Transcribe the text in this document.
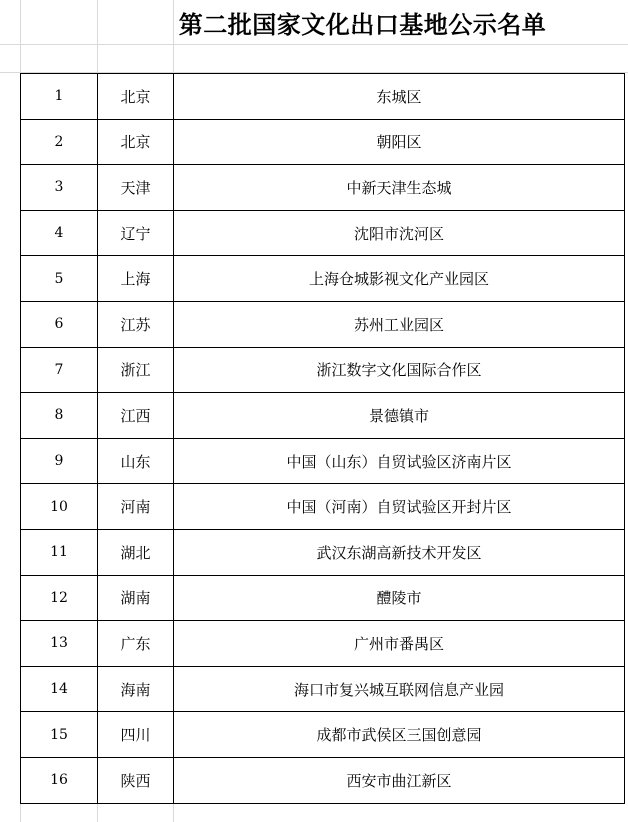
第二批国家文化出口基地公示名单
1	北京	东城区
2	北京	朝阳区
3	天津	中新天津生态城
4	辽宁	沈阳市沈河区
5	上海	上海仓城影视文化产业园区
6	江苏	苏州工业园区
7	浙江	浙江数字文化国际合作区
8	江西	景德镇市
9	山东	中国（山东）自贸试验区济南片区
10	河南	中国（河南）自贸试验区开封片区
11	湖北	武汉东湖高新技术开发区
12	湖南	醴陵市
13	广东	广州市番禺区
14	海南	海口市复兴城互联网信息产业园
15	四川	成都市武侯区三国创意园
16	陕西	西安市曲江新区
